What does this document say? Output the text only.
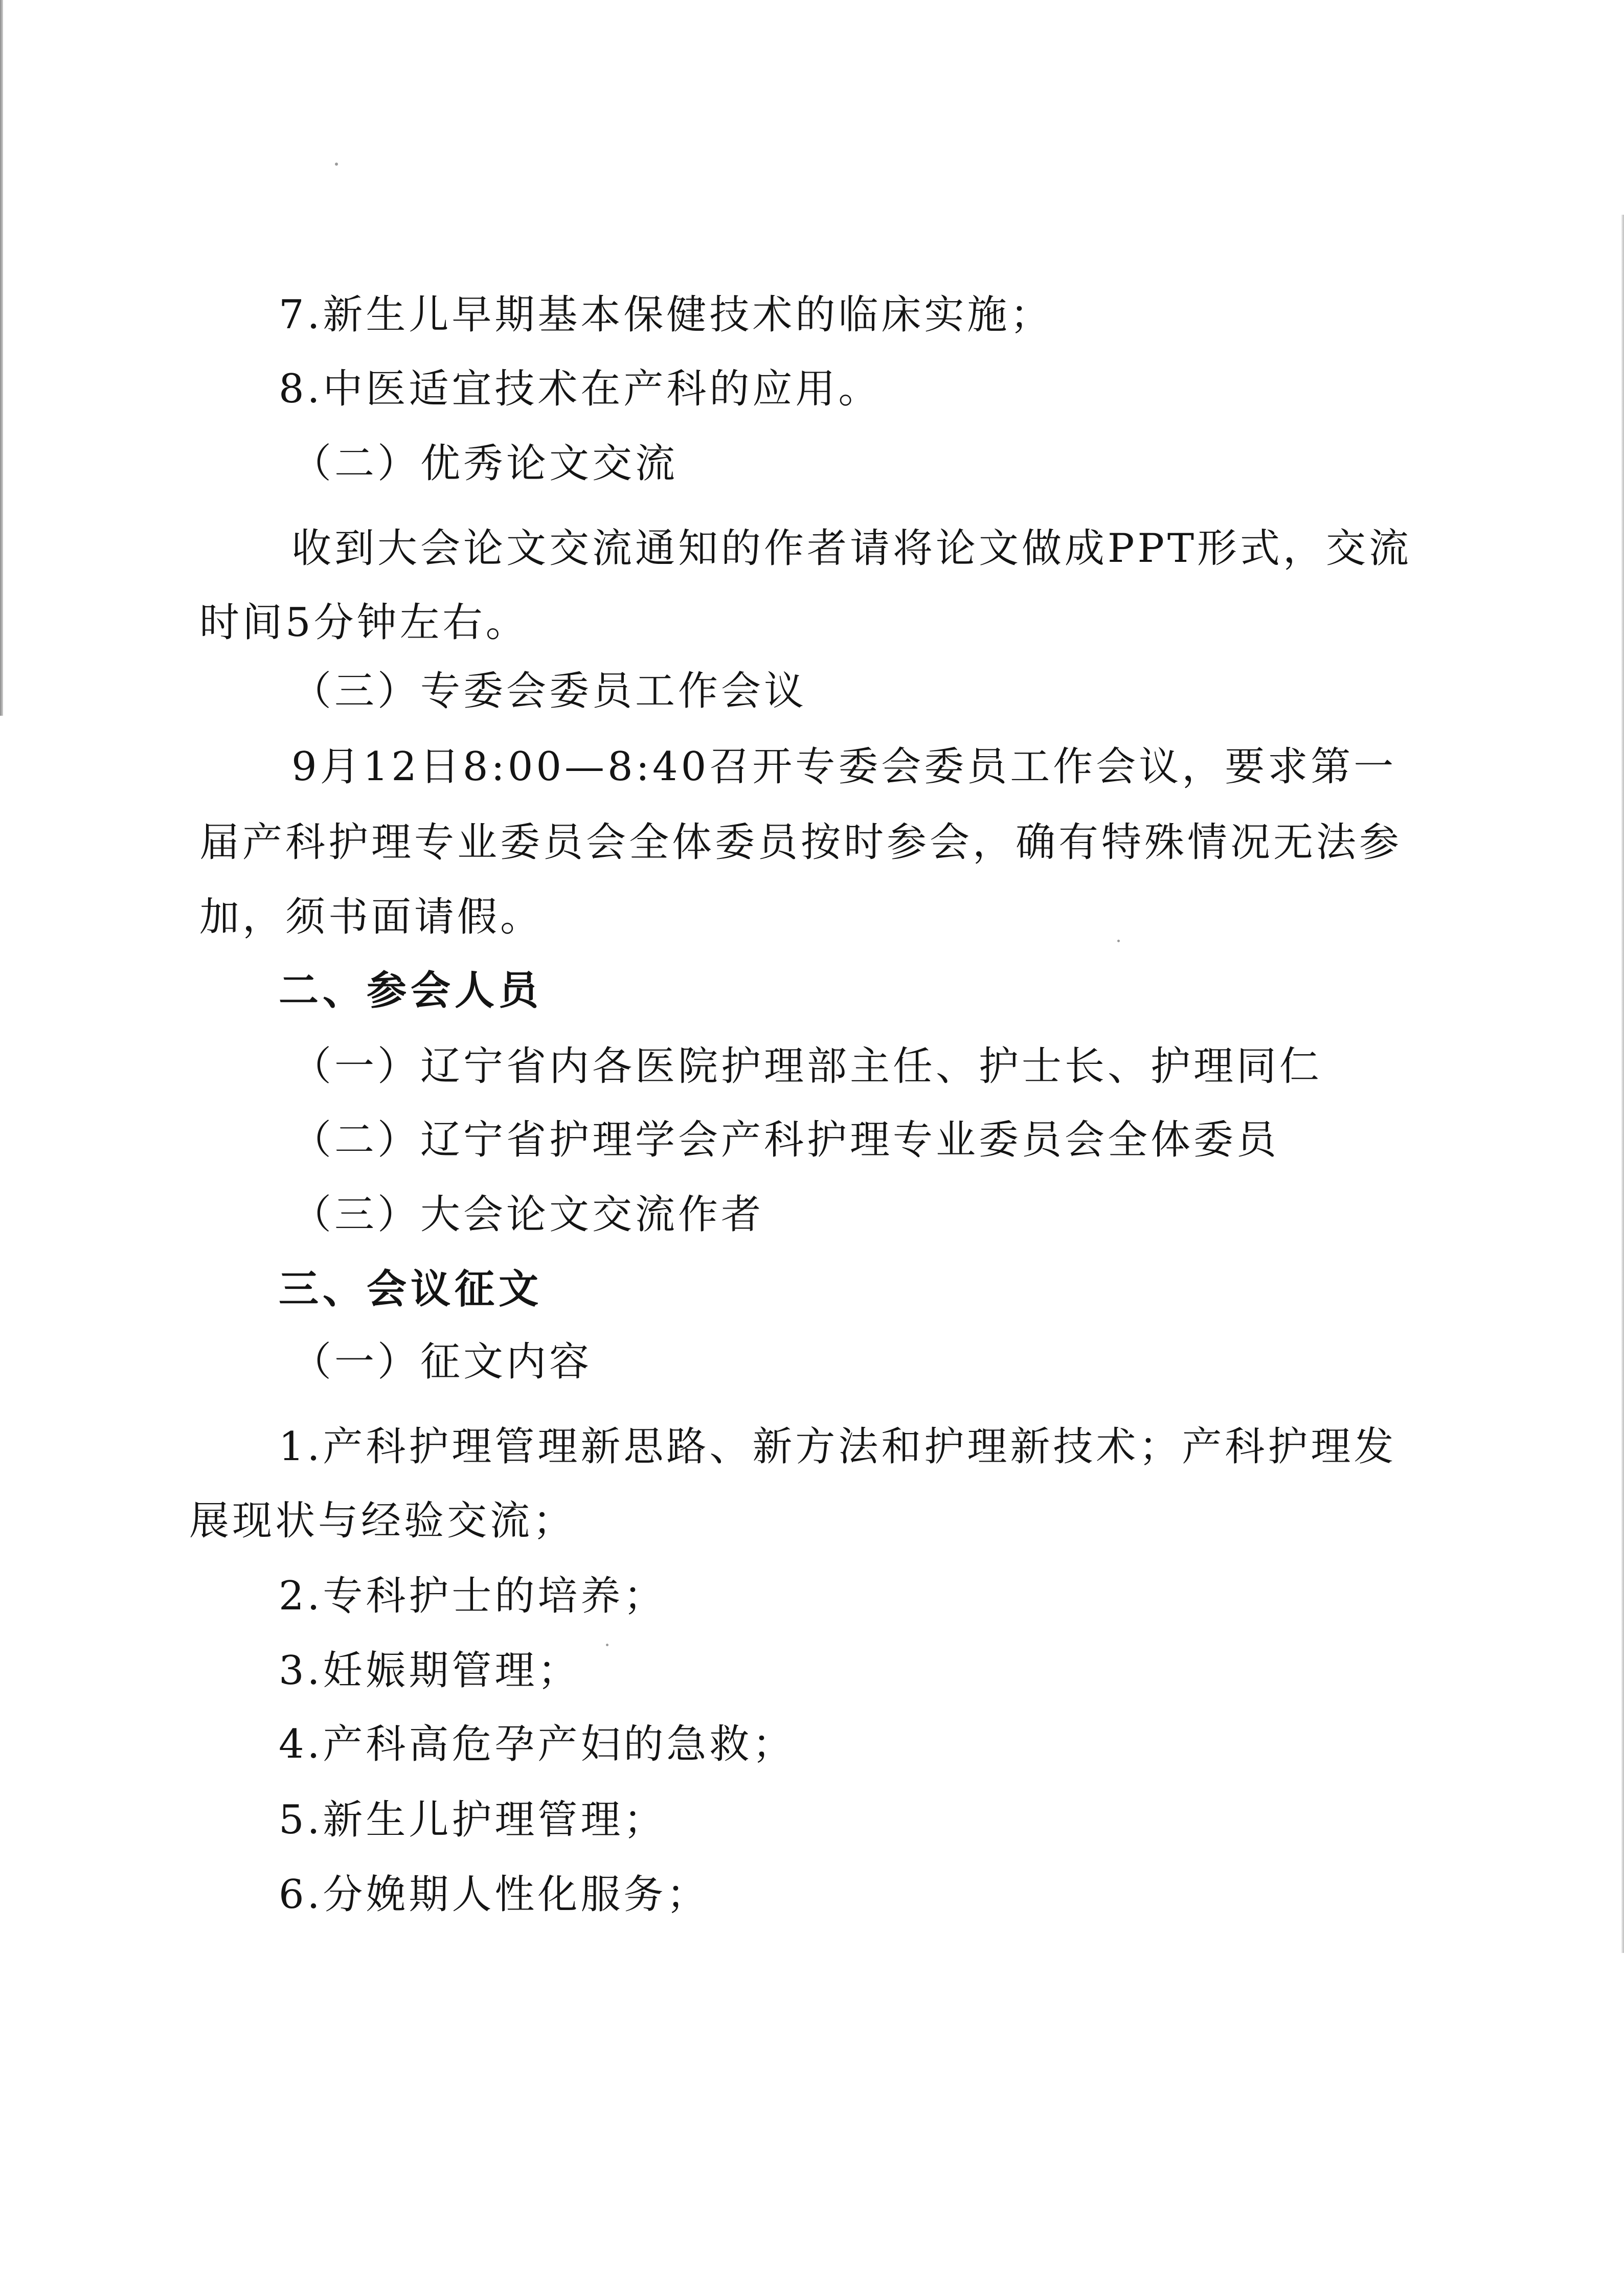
7.新生儿早期基本保健技术的临床实施；
8.中医适宜技术在产科的应用。
（二）优秀论文交流
收到大会论文交流通知的作者请将论文做成PPT形式，交流
时间5分钟左右。
（三）专委会委员工作会议
9月12日8:00—8:40召开专委会委员工作会议，要求第一
届产科护理专业委员会全体委员按时参会，确有特殊情况无法参
加，须书面请假。
二、参会人员
（一）辽宁省内各医院护理部主任、护士长、护理同仁
（二）辽宁省护理学会产科护理专业委员会全体委员
（三）大会论文交流作者
三、会议征文
（一）征文内容
1.产科护理管理新思路、新方法和护理新技术；产科护理发
展现状与经验交流；
2.专科护士的培养；
3.妊娠期管理；
4.产科高危孕产妇的急救；
5.新生儿护理管理；
6.分娩期人性化服务；
